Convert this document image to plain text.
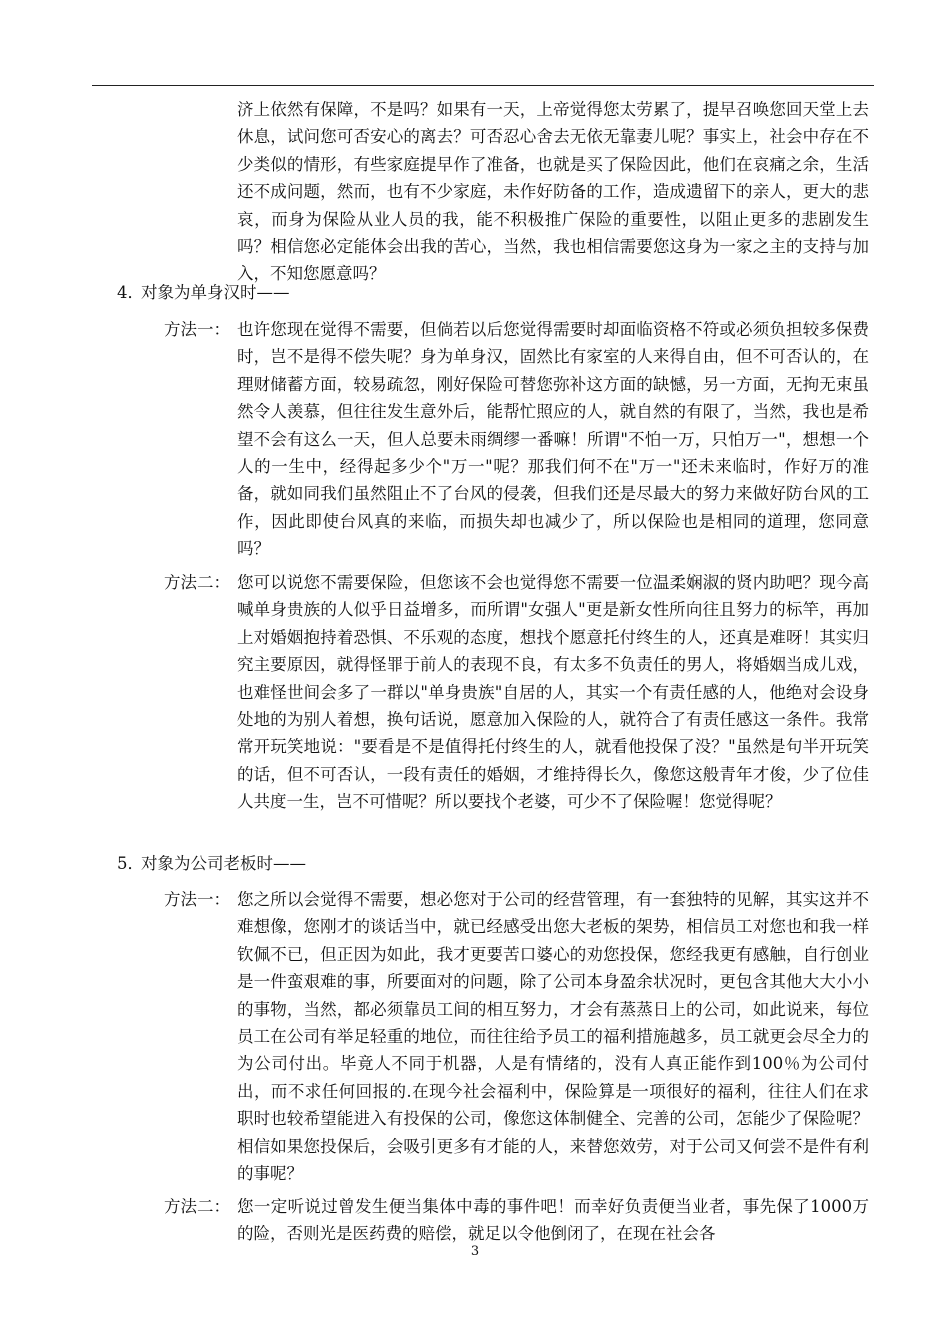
济上依然有保障，不是吗？如果有一天，上帝觉得您太劳累了，提早召唤您回天堂上去休息，试问您可否安心的离去？可否忍心舍去无依无靠妻儿呢？事实上，社会中存在不少类似的情形，有些家庭提早作了准备，也就是买了保险因此，他们在哀痛之余，生活还不成问题，然而，也有不少家庭，未作好防备的工作，造成遗留下的亲人，更大的悲哀，而身为保险从业人员的我，能不积极推广保险的重要性，以阻止更多的悲剧发生吗？相信您必定能体会出我的苦心，当然，我也相信需要您这身为一家之主的支持与加入，不知您愿意吗？
4．对象为单身汉时——
方法一： 也许您现在觉得不需要，但倘若以后您觉得需要时却面临资格不符或必须负担较多保费时，岂不是得不偿失呢？身为单身汉，固然比有家室的人来得自由，但不可否认的，在理财储蓄方面，较易疏忽，刚好保险可替您弥补这方面的缺憾，另一方面，无拘无束虽然令人羡慕，但往往发生意外后，能帮忙照应的人，就自然的有限了，当然，我也是希望不会有这么一天，但人总要未雨绸缪一番嘛！所谓"不怕一万，只怕万一"，想想一个人的一生中，经得起多少个"万一"呢？那我们何不在"万一"还未来临时，作好万的准备，就如同我们虽然阻止不了台风的侵袭，但我们还是尽最大的努力来做好防台风的工作，因此即使台风真的来临，而损失却也减少了，所以保险也是相同的道理，您同意吗？
方法二： 您可以说您不需要保险，但您该不会也觉得您不需要一位温柔娴淑的贤内助吧？现今高喊单身贵族的人似乎日益增多，而所谓"女强人"更是新女性所向往且努力的标竿，再加上对婚姻抱持着恐惧、不乐观的态度，想找个愿意托付终生的人，还真是难呀！其实归究主要原因，就得怪罪于前人的表现不良，有太多不负责任的男人，将婚姻当成儿戏，也难怪世间会多了一群以"单身贵族"自居的人，其实一个有责任感的人，他绝对会设身处地的为别人着想，换句话说，愿意加入保险的人，就符合了有责任感这一条件。我常常开玩笑地说："要看是不是值得托付终生的人，就看他投保了没？"虽然是句半开玩笑的话，但不可否认，一段有责任的婚姻，才维持得长久，像您这般青年才俊，少了位佳人共度一生，岂不可惜呢？所以要找个老婆，可少不了保险喔！您觉得呢？
5．对象为公司老板时——
方法一： 您之所以会觉得不需要，想必您对于公司的经营管理，有一套独特的见解，其实这并不难想像，您刚才的谈话当中，就已经感受出您大老板的架势，相信员工对您也和我一样钦佩不已，但正因为如此，我才更要苦口婆心的劝您投保，您经我更有感触，自行创业是一件蛮艰难的事，所要面对的问题，除了公司本身盈余状况时，更包含其他大大小小的事物，当然，都必须靠员工间的相互努力，才会有蒸蒸日上的公司，如此说来，每位员工在公司有举足轻重的地位，而往往给予员工的福利措施越多，员工就更会尽全力的为公司付出。毕竟人不同于机器，人是有情绪的，没有人真正能作到100％为公司付出，而不求任何回报的.在现今社会福利中，保险算是一项很好的福利，往往人们在求职时也较希望能进入有投保的公司，像您这体制健全、完善的公司，怎能少了保险呢？相信如果您投保后，会吸引更多有才能的人，来替您效劳，对于公司又何尝不是件有利的事呢？
方法二： 您一定听说过曾发生便当集体中毒的事件吧！而幸好负责便当业者，事先保了1000万的险，否则光是医药费的赔偿，就足以令他倒闭了，在现在社会各
3
